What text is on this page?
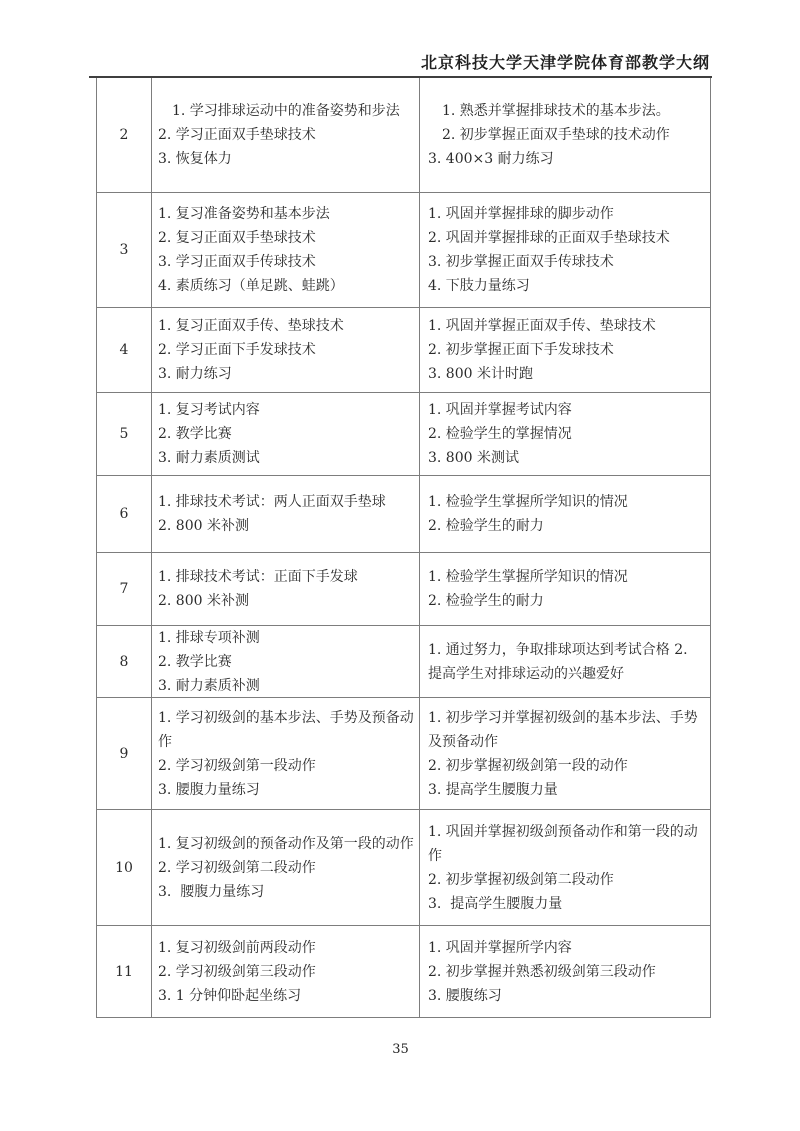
北京科技大学天津学院体育部教学大纲
2
1. 学习排球运动中的准备姿势和步法
2. 学习正面双手垫球技术
3. 恢复体力
1. 熟悉并掌握排球技术的基本步法。
2. 初步掌握正面双手垫球的技术动作
3. 400×3 耐力练习
3
1. 复习准备姿势和基本步法
2. 复习正面双手垫球技术
3. 学习正面双手传球技术
4. 素质练习（单足跳、蛙跳）
1. 巩固并掌握排球的脚步动作
2. 巩固并掌握排球的正面双手垫球技术
3. 初步掌握正面双手传球技术
4. 下肢力量练习
4
1. 复习正面双手传、垫球技术
2. 学习正面下手发球技术
3. 耐力练习
1. 巩固并掌握正面双手传、垫球技术
2. 初步掌握正面下手发球技术
3. 800 米计时跑
5
1. 复习考试内容
2. 教学比赛
3. 耐力素质测试
1. 巩固并掌握考试内容
2. 检验学生的掌握情况
3. 800 米测试
6
1. 排球技术考试：两人正面双手垫球
2. 800 米补测
1. 检验学生掌握所学知识的情况
2. 检验学生的耐力
7
1. 排球技术考试：正面下手发球
2. 800 米补测
1. 检验学生掌握所学知识的情况
2. 检验学生的耐力
8
1. 排球专项补测
2. 教学比赛
3. 耐力素质补测
1. 通过努力，争取排球项达到考试合格 2. 提高学生对排球运动的兴趣爱好
9
1. 学习初级剑的基本步法、手势及预备动作
2. 学习初级剑第一段动作
3. 腰腹力量练习
1. 初步学习并掌握初级剑的基本步法、手势及预备动作
2. 初步掌握初级剑第一段的动作
3. 提高学生腰腹力量
10
1. 复习初级剑的预备动作及第一段的动作
2. 学习初级剑第二段动作
3.  腰腹力量练习
1. 巩固并掌握初级剑预备动作和第一段的动作
2. 初步掌握初级剑第二段动作
3.  提高学生腰腹力量
11
1. 复习初级剑前两段动作
2. 学习初级剑第三段动作
3. 1 分钟仰卧起坐练习
1. 巩固并掌握所学内容
2. 初步掌握并熟悉初级剑第三段动作
3. 腰腹练习
35
